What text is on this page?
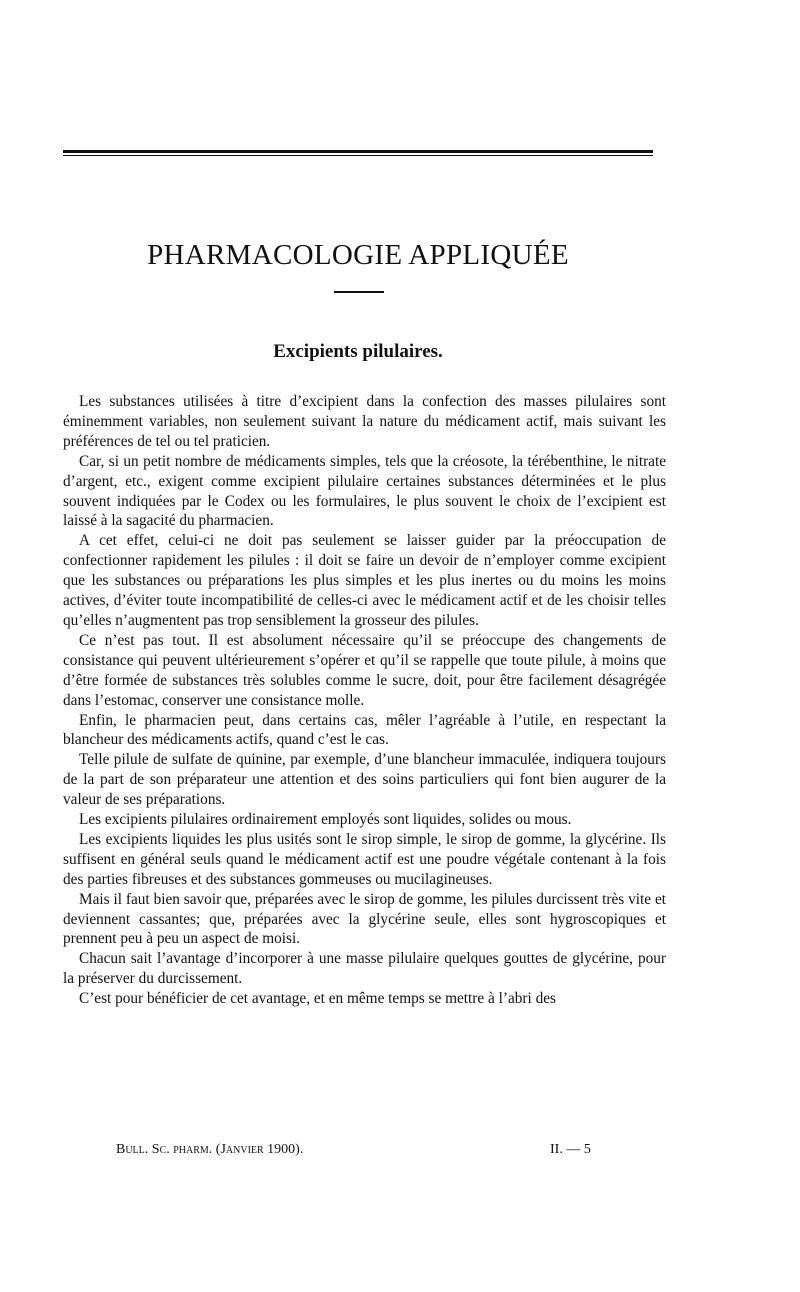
PHARMACOLOGIE APPLIQUÉE
Excipients pilulaires.

Les substances utilisées à titre d’excipient dans la confection des masses pilulaires sont éminemment variables, non seulement suivant la nature du médicament actif, mais suivant les préférences de tel ou tel praticien.

Car, si un petit nombre de médicaments simples, tels que la créosote, la térébenthine, le nitrate d’argent, etc., exigent comme excipient pilulaire certaines substances déterminées et le plus souvent indiquées par le Codex ou les formulaires, le plus souvent le choix de l’excipient est laissé à la sagacité du pharmacien.

A cet effet, celui-ci ne doit pas seulement se laisser guider par la préoccupation de confectionner rapidement les pilules : il doit se faire un devoir de n’employer comme excipient que les substances ou préparations les plus simples et les plus inertes ou du moins les moins actives, d’éviter toute incompatibilité de celles-ci avec le médicament actif et de les choisir telles qu’elles n’augmentent pas trop sensiblement la grosseur des pilules.

Ce n’est pas tout. Il est absolument nécessaire qu’il se préoccupe des changements de consistance qui peuvent ultérieurement s’opérer et qu’il se rappelle que toute pilule, à moins que d’être formée de substances très solubles comme le sucre, doit, pour être facilement désagrégée dans l’estomac, conserver une consistance molle.

Enfin, le pharmacien peut, dans certains cas, mêler l’agréable à l’utile, en respectant la blancheur des médicaments actifs, quand c’est le cas.

Telle pilule de sulfate de quinine, par exemple, d’une blancheur immaculée, indiquera toujours de la part de son préparateur une attention et des soins particuliers qui font bien augurer de la valeur de ses préparations.

Les excipients pilulaires ordinairement employés sont liquides, solides ou mous.

Les excipients liquides les plus usités sont le sirop simple, le sirop de gomme, la glycérine. Ils suffisent en général seuls quand le médicament actif est une poudre végétale contenant à la fois des parties fibreuses et des substances gommeuses ou mucilagineuses.

Mais il faut bien savoir que, préparées avec le sirop de gomme, les pilules durcissent très vite et deviennent cassantes; que, préparées avec la glycérine seule, elles sont hygroscopiques et prennent peu à peu un aspect de moisi.

Chacun sait l’avantage d’incorporer à une masse pilulaire quelques gouttes de glycérine, pour la préserver du durcissement.

C’est pour bénéficier de cet avantage, et en même temps se mettre à l’abri des

Bull. Sc. pharm. (Janvier 1900).	II. — 5
